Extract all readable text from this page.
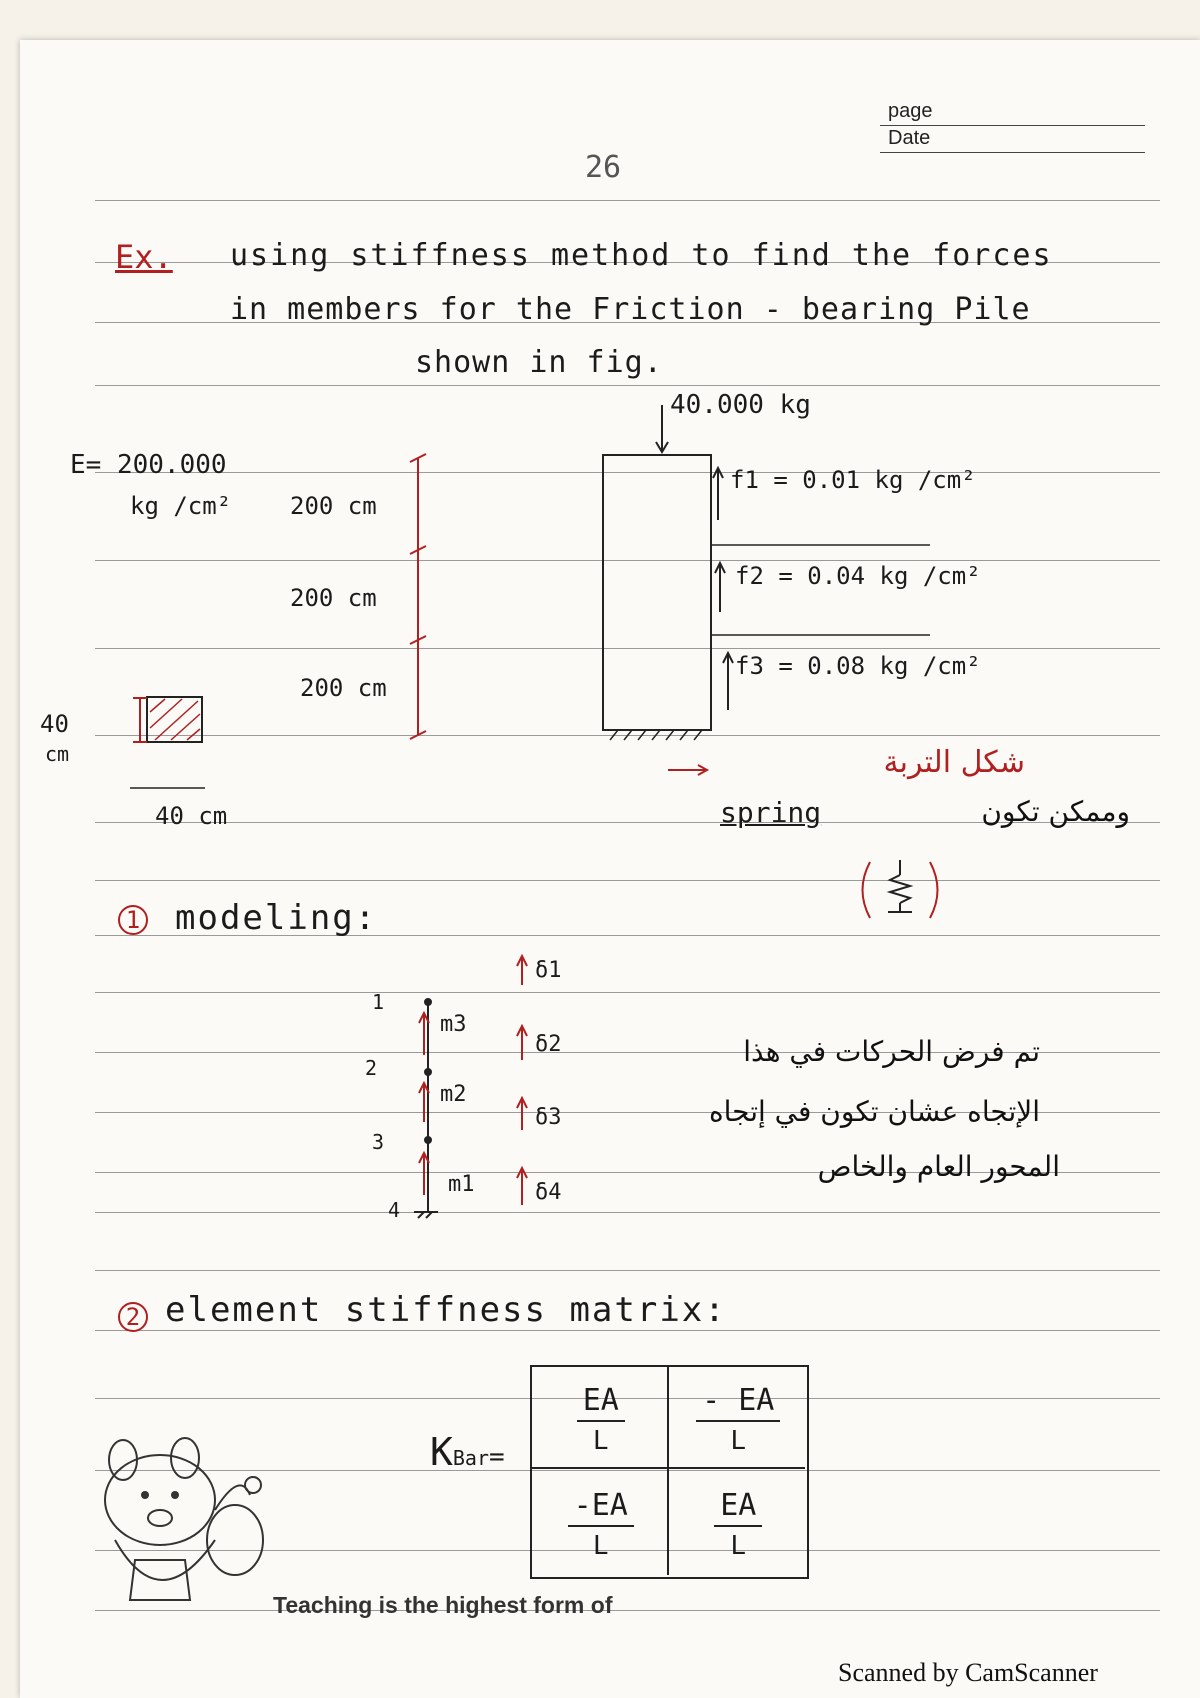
page
Date
26
Ex. using stiffness method to find the forces
in members for the Friction - bearing Pile
shown in fig.
40.000 kg
E= 200.000
kg /cm² 200 cm
200 cm
200 cm
f1 = 0.01 kg /cm²
f2 = 0.04 kg /cm²
f3 = 0.08 kg /cm²
40
cm
40 cm
شكل التربة
وممكن تكون
spring
1 modeling:
1
2
3
4
m3
m2
m1
δ1
δ2
δ3
δ4
تم فرض الحركات في هذا
الإتجاه عشان تكون في إتجاه
المحور العام والخاص
2 element stiffness matrix:
KBar= $\frac{EA}{L} \frac{- EA}{L}$
$\frac{-EA}{L} \frac{EA}{L}$
Teaching is the highest form of
Scanned by CamScanner
